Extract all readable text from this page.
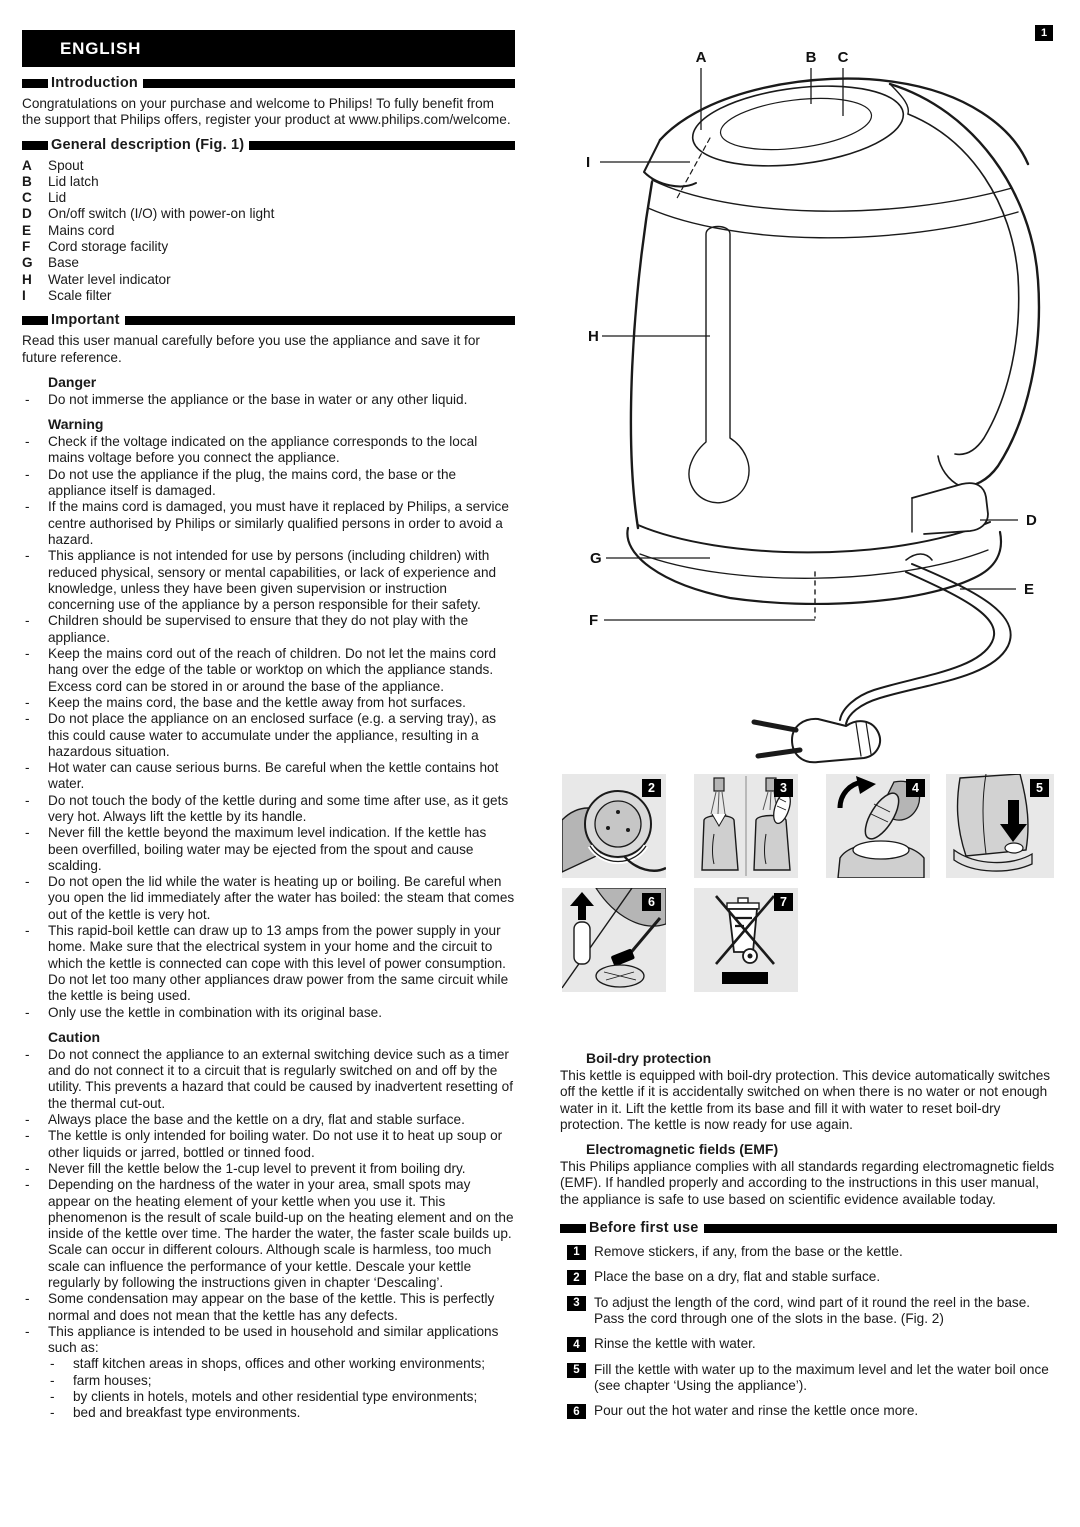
ENGLISH
Introduction

Congratulations on your purchase and welcome to Philips! To fully benefit from the support that Philips offers, register your product at www.philips.com/welcome.

General description (Fig. 1)
A	Spout
B	Lid latch
C	Lid
D	On/off switch (I/O) with power-on light
E	Mains cord
F	Cord storage facility
G	Base
H	Water level indicator
I	Scale filter
Important

Read this user manual carefully before you use the appliance and save it for future reference.

Danger
- Do not immerse the appliance or the base in water or any other liquid.
Warning
- Check if the voltage indicated on the appliance corresponds to the local mains voltage before you connect the appliance.
- Do not use the appliance if the plug, the mains cord, the base or the appliance itself is damaged.
- If the mains cord is damaged, you must have it replaced by Philips, a service centre authorised by Philips or similarly qualified persons in order to avoid a hazard.
- This appliance is not intended for use by persons (including children) with reduced physical, sensory or mental capabilities, or lack of experience and knowledge, unless they have been given supervision or instruction concerning use of the appliance by a person responsible for their safety.
- Children should be supervised to ensure that they do not play with the appliance.
- Keep the mains cord out of the reach of children. Do not let the mains cord hang over the edge of the table or worktop on which the appliance stands. Excess cord can be stored in or around the base of the appliance.
- Keep the mains cord, the base and the kettle away from hot surfaces.
- Do not place the appliance on an enclosed surface (e.g. a serving tray), as this could cause water to accumulate under the appliance, resulting in a hazardous situation.
- Hot water can cause serious burns. Be careful when the kettle contains hot water.
- Do not touch the body of the kettle during and some time after use, as it gets very hot. Always lift the kettle by its handle.
- Never fill the kettle beyond the maximum level indication. If the kettle has been overfilled, boiling water may be ejected from the spout and cause scalding.
- Do not open the lid while the water is heating up or boiling. Be careful when you open the lid immediately after the water has boiled: the steam that comes out of the kettle is very hot.
- This rapid-boil kettle can draw up to 13 amps from the power supply in your home. Make sure that the electrical system in your home and the circuit to which the kettle is connected can cope with this level of power consumption. Do not let too many other appliances draw power from the same circuit while the kettle is being used.
- Only use the kettle in combination with its original base.
Caution
- Do not connect the appliance to an external switching device such as a timer and do not connect it to a circuit that is regularly switched on and off by the utility. This prevents a hazard that could be caused by inadvertent resetting of the thermal cut-out.
- Always place the base and the kettle on a dry, flat and stable surface.
- The kettle is only intended for boiling water. Do not use it to heat up soup or other liquids or jarred, bottled or tinned food.
- Never fill the kettle below the 1-cup level to prevent it from boiling dry.
- Depending on the hardness of the water in your area, small spots may appear on the heating element of your kettle when you use it. This phenomenon is the result of scale build-up on the heating element and on the inside of the kettle over time. The harder the water, the faster scale builds up. Scale can occur in different colours. Although scale is harmless, too much scale can influence the performance of your kettle. Descale your kettle regularly by following the instructions given in chapter ‘Descaling’.
- Some condensation may appear on the base of the kettle. This is perfectly normal and does not mean that the kettle has any defects.
- This appliance is intended to be used in household and similar applications such as:
- staff kitchen areas in shops, offices and other working environments;
- farm houses;
- by clients in hotels, motels and other residential type environments;
- bed and breakfast type environments.
1
A	B C
I
H
G
F
D
E
2	3	4	5
6	7
Boil-dry protection

This kettle is equipped with boil-dry protection. This device automatically switches off the kettle if it is accidentally switched on when there is no water or not enough water in it. Lift the kettle from its base and fill it with water to reset boil-dry protection. The kettle is now ready for use again.

Electromagnetic fields (EMF)

This Philips appliance complies with all standards regarding electromagnetic fields (EMF). If handled properly and according to the instructions in this user manual, the appliance is safe to use based on scientific evidence available today.

Before first use
1	Remove stickers, if any, from the base or the kettle.
2	Place the base on a dry, flat and stable surface.
3	To adjust the length of the cord, wind part of it round the reel in the base. Pass the cord through one of the slots in the base. (Fig. 2)
4	Rinse the kettle with water.
5	Fill the kettle with water up to the maximum level and let the water boil once (see chapter ‘Using the appliance’).
6	Pour out the hot water and rinse the kettle once more.
